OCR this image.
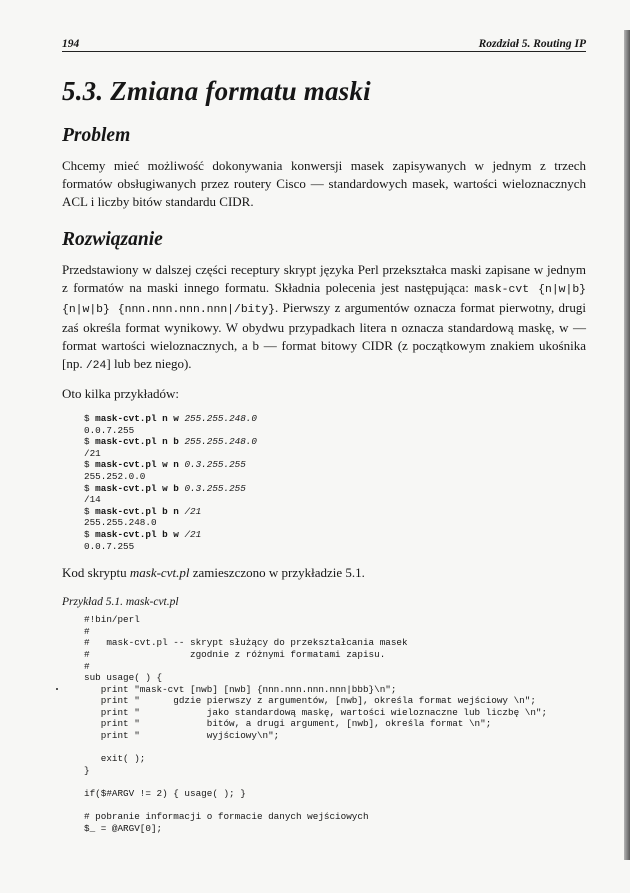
194	Rozdział 5. Routing IP
5.3. Zmiana formatu maski
Problem

Chcemy mieć możliwość dokonywania konwersji masek zapisywanych w jednym z trzech formatów obsługiwanych przez routery Cisco — standardowych masek, wartości wieloznacznych ACL i liczby bitów standardu CIDR.

Rozwiązanie

Przedstawiony w dalszej części receptury skrypt języka Perl przekształca maski zapisane w jednym z formatów na maski innego formatu. Składnia polecenia jest następująca: mask-cvt {n|w|b} {n|w|b} {nnn.nnn.nnn.nnn|/bity}. Pierwszy z argumentów oznacza format pierwotny, drugi zaś określa format wynikowy. W obydwu przypadkach litera n oznacza standardową maskę, w — format wartości wieloznacznych, a b — format bitowy CIDR (z początkowym znakiem ukośnika [np. /24] lub bez niego).

Oto kilka przykładów:

$ mask-cvt.pl n w 255.255.248.0
0.0.7.255
$ mask-cvt.pl n b 255.255.248.0
/21
$ mask-cvt.pl w n 0.3.255.255
255.252.0.0
$ mask-cvt.pl w b 0.3.255.255
/14
$ mask-cvt.pl b n /21
255.255.248.0
$ mask-cvt.pl b w /21
0.0.7.255

Kod skryptu mask-cvt.pl zamieszczono w przykładzie 5.1.

Przykład 5.1. mask-cvt.pl
#!bin/perl
#
#   mask-cvt.pl -- skrypt służący do przekształcania masek
#                  zgodnie z różnymi formatami zapisu.
#
sub usage( ) {
print "mask-cvt [nwb] [nwb] {nnn.nnn.nnn.nnn|bbb}\n";
print "      gdzie pierwszy z argumentów, [nwb], określa format wejściowy \n";
print "            jako standardową maskę, wartości wieloznaczne lub liczbę \n";
print "            bitów, a drugi argument, [nwb], określa format \n";
print "            wyjściowy\n";

exit( );
}

if($#ARGV != 2) { usage( ); }

# pobranie informacji o formacie danych wejściowych
$_ = @ARGV[0];
